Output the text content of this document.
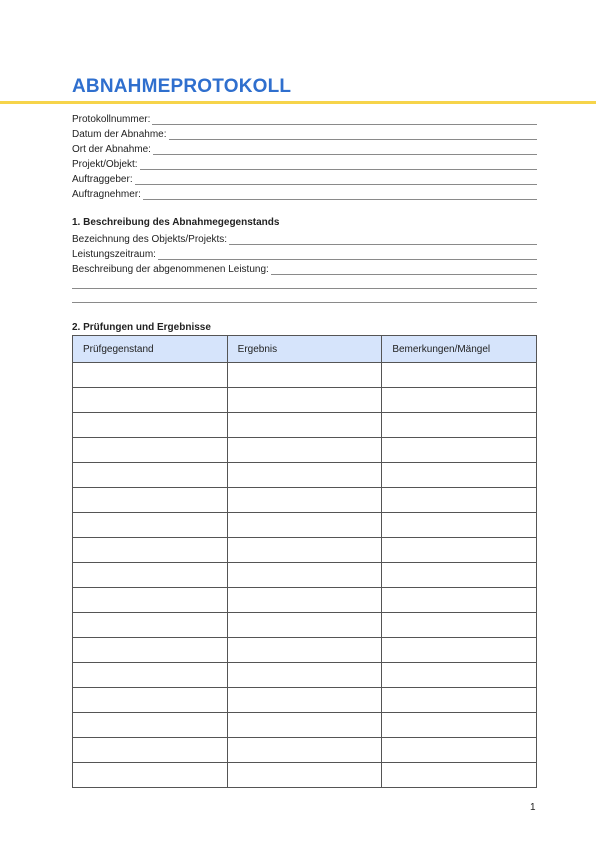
ABNAHMEPROTOKOLL
Protokollnummer:
Datum der Abnahme:
Ort der Abnahme:
Projekt/Objekt:
Auftraggeber:
Auftragnehmer:
1. Beschreibung des Abnahmegegenstands
Bezeichnung des Objekts/Projekts:
Leistungszeitraum:
Beschreibung der abgenommenen Leistung:
2. Prüfungen und Ergebnisse
Prüfgegenstand	Ergebnis	Bemerkungen/Mängel

1
